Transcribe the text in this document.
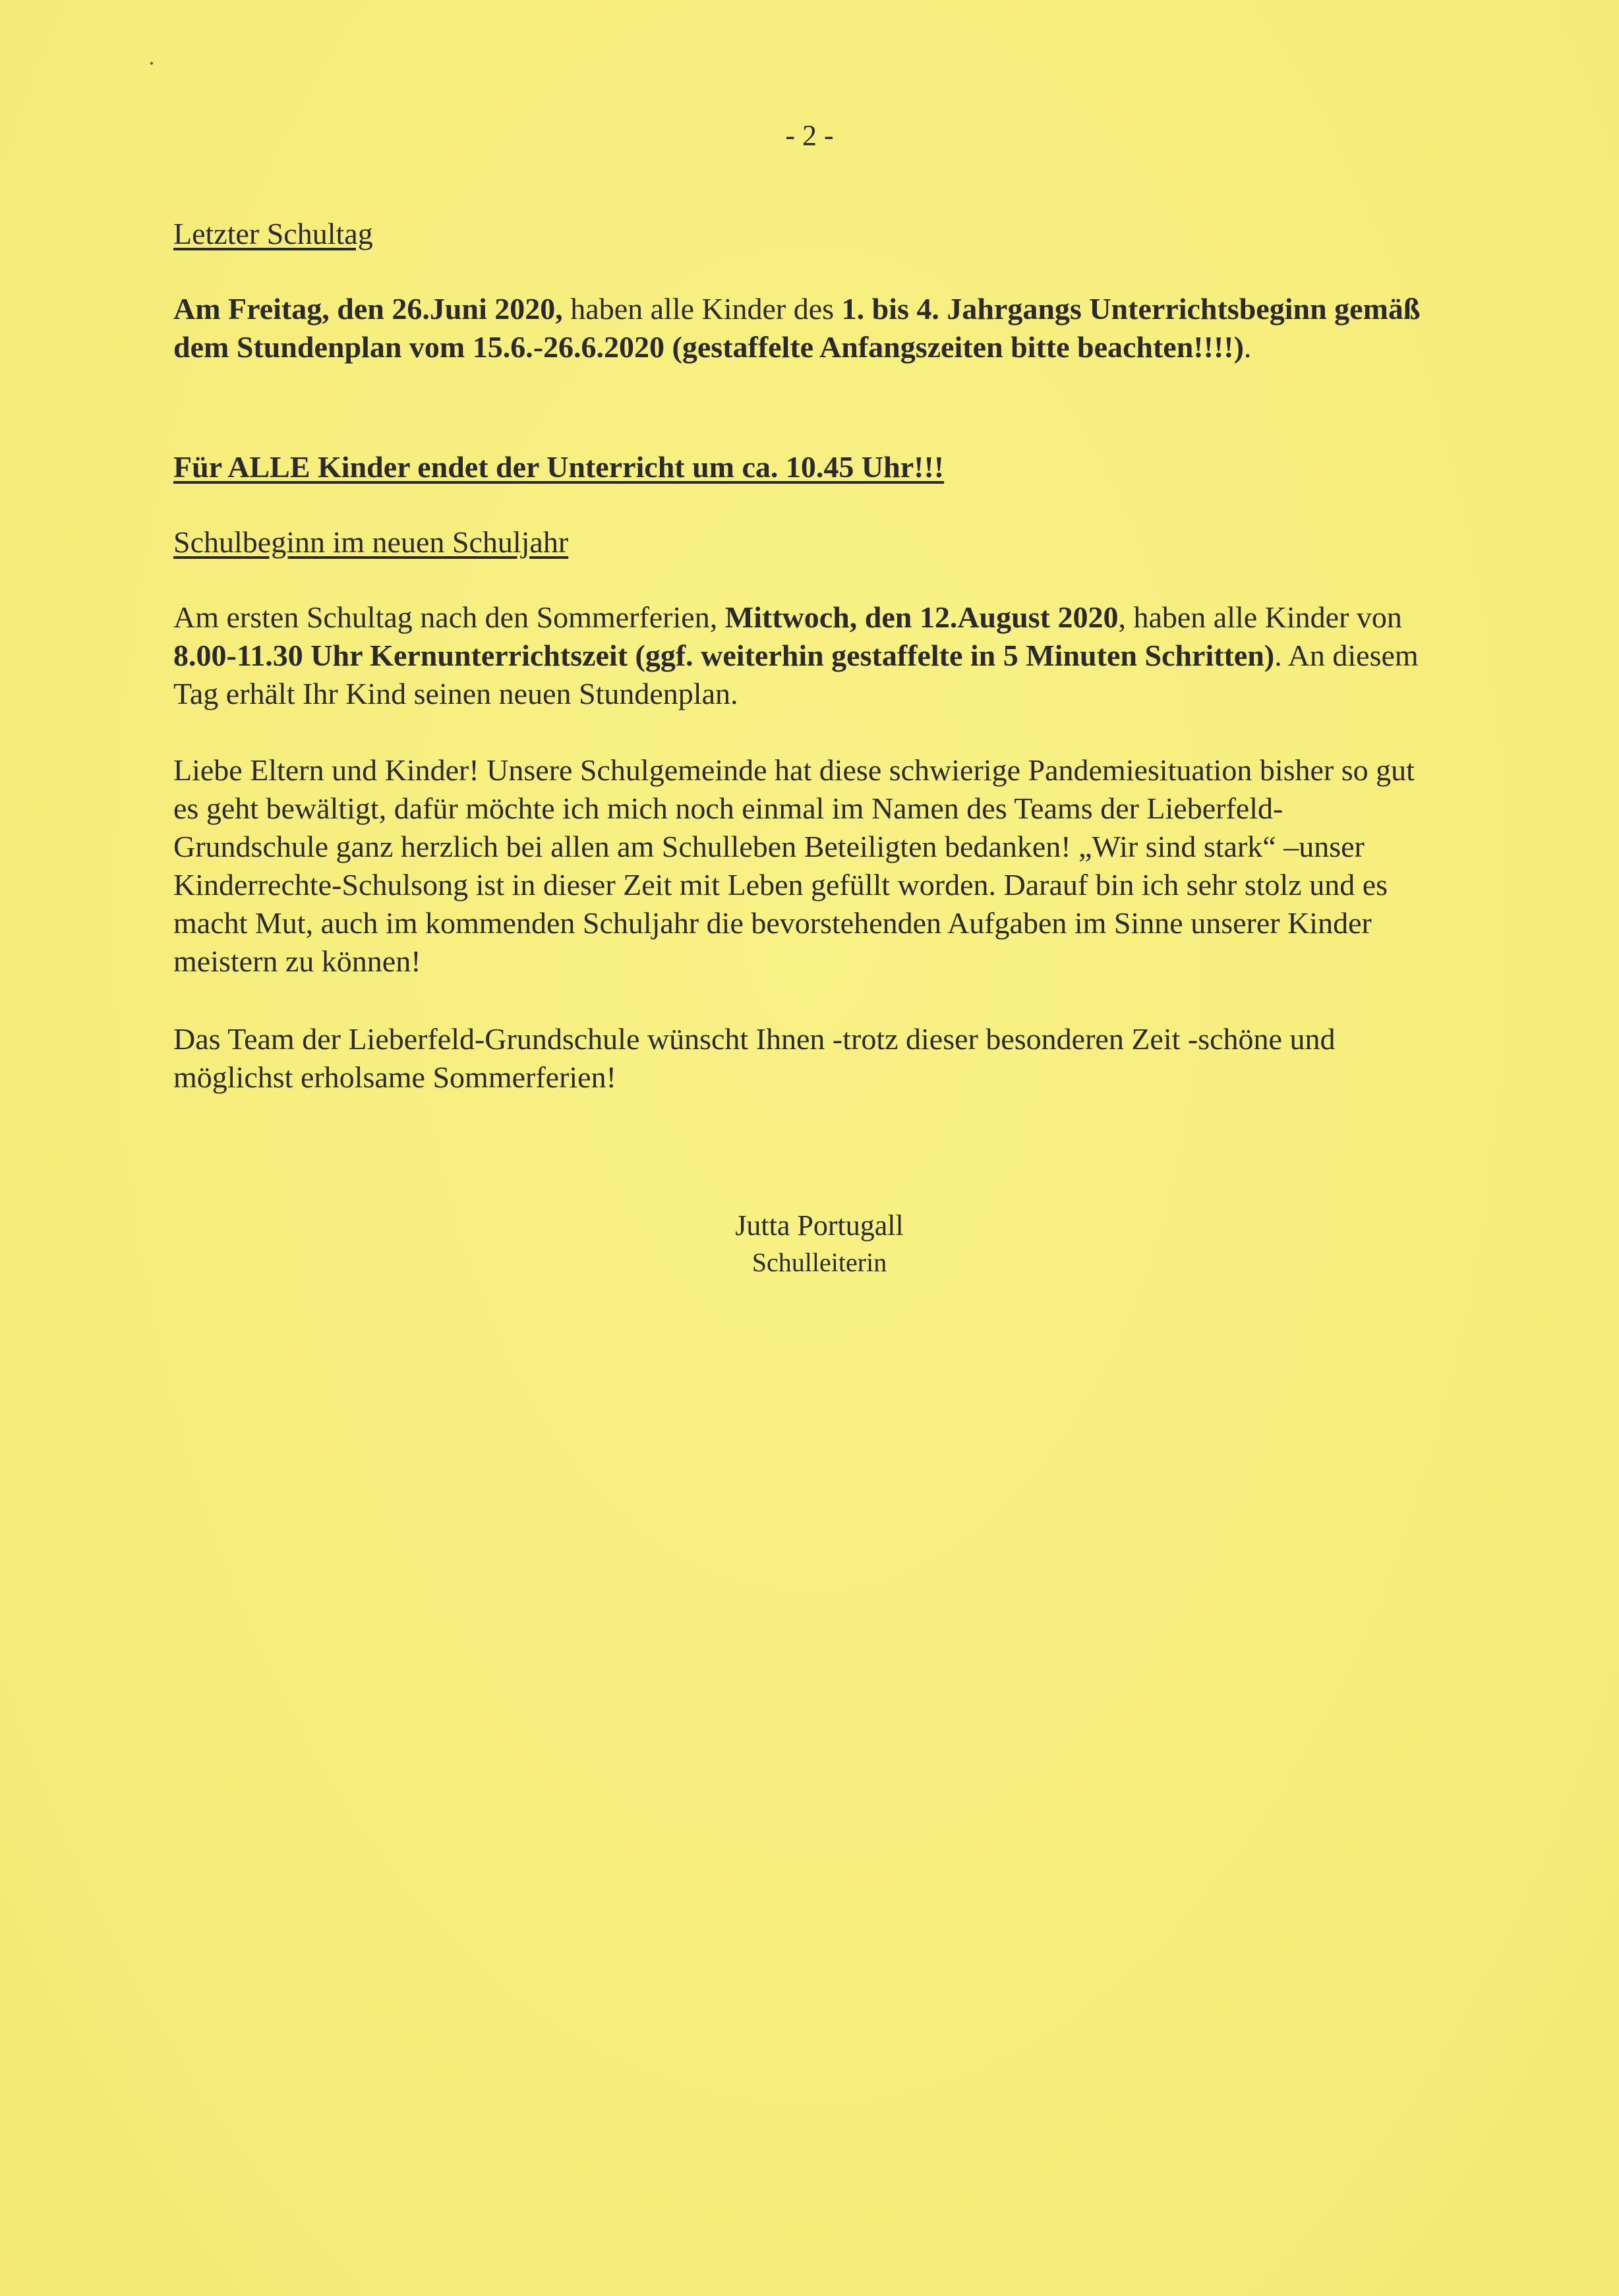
- 2 -
Letzter Schultag
Am Freitag, den 26.Juni 2020, haben alle Kinder des 1. bis 4. Jahrgangs Unterrichtsbeginn gemäß dem Stundenplan vom 15.6.-26.6.2020 (gestaffelte Anfangszeiten bitte beachten!!!!).
Für ALLE Kinder endet der Unterricht um ca. 10.45 Uhr!!!
Schulbeginn im neuen Schuljahr
Am ersten Schultag nach den Sommerferien, Mittwoch, den 12.August 2020, haben alle Kinder von 8.00-11.30 Uhr Kernunterrichtszeit (ggf. weiterhin gestaffelte in 5 Minuten Schritten). An diesem Tag erhält Ihr Kind seinen neuen Stundenplan.
Liebe Eltern und Kinder! Unsere Schulgemeinde hat diese schwierige Pandemiesituation bisher so gut es geht bewältigt, dafür möchte ich mich noch einmal im Namen des Teams der Lieberfeld-Grundschule ganz herzlich bei allen am Schulleben Beteiligten bedanken! „Wir sind stark“ –unser Kinderrechte-Schulsong ist in dieser Zeit mit Leben gefüllt worden. Darauf bin ich sehr stolz und es macht Mut, auch im kommenden Schuljahr die bevorstehenden Aufgaben im Sinne unserer Kinder meistern zu können!
Das Team der Lieberfeld-Grundschule wünscht Ihnen -trotz dieser besonderen Zeit -schöne und möglichst erholsame Sommerferien!
Jutta Portugall
Schulleiterin
